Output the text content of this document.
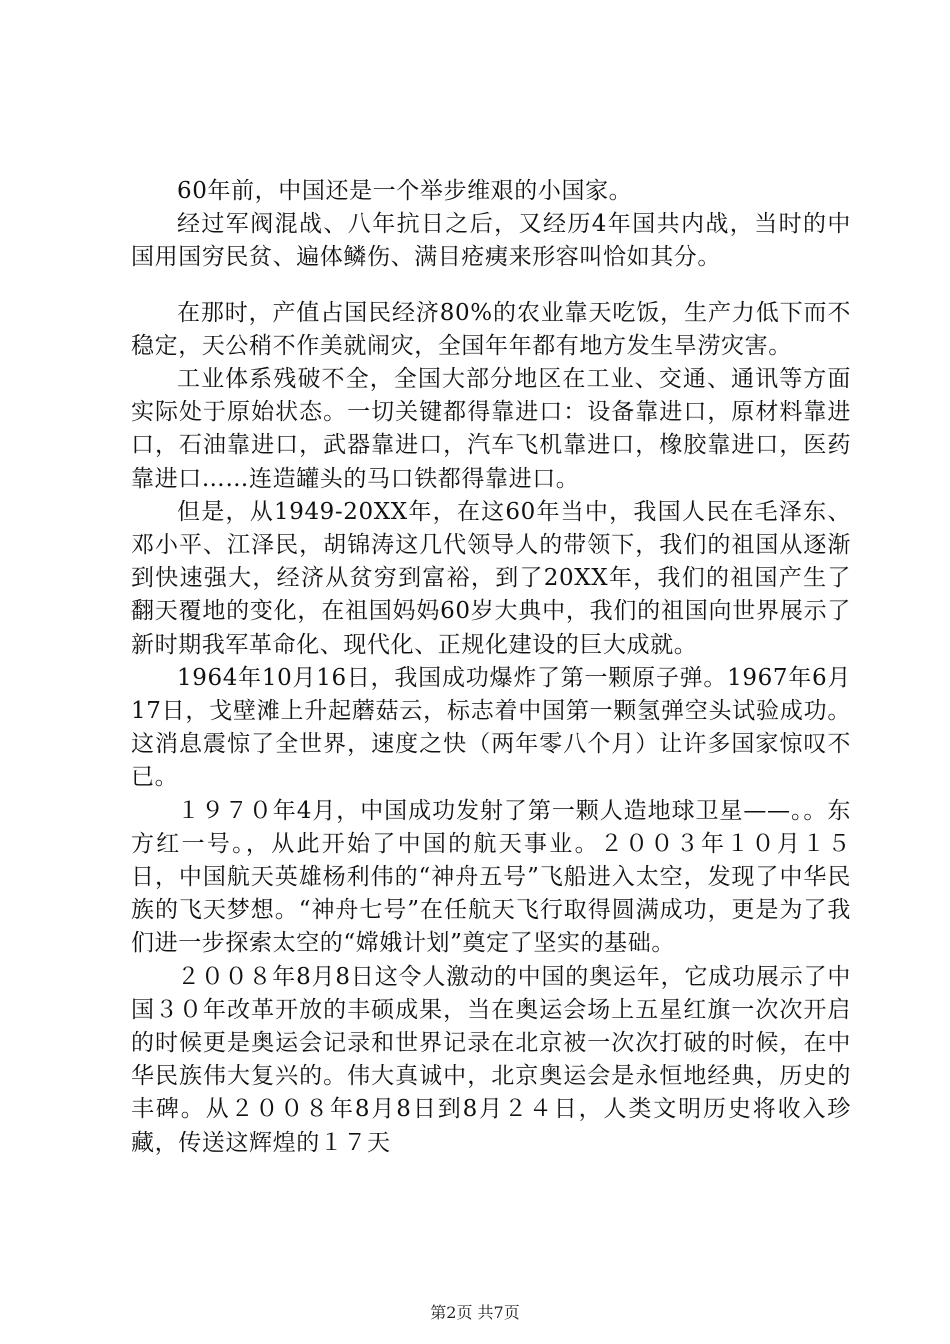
60年前，中国还是一个举步维艰的小国家。

经过军阀混战、八年抗日之后，又经历4年国共内战，当时的中国用国穷民贫、遍体鳞伤、满目疮痍来形容叫恰如其分。

在那时，产值占国民经济80%的农业靠天吃饭，生产力低下而不稳定，天公稍不作美就闹灾，全国年年都有地方发生旱涝灾害。

工业体系残破不全，全国大部分地区在工业、交通、通讯等方面实际处于原始状态。一切关键都得靠进口：设备靠进口，原材料靠进口，石油靠进口，武器靠进口，汽车飞机靠进口，橡胶靠进口，医药靠进口……连造罐头的马口铁都得靠进口。

但是，从1949-20XX年，在这60年当中，我国人民在毛泽东、邓小平、江泽民，胡锦涛这几代领导人的带领下，我们的祖国从逐渐到快速强大，经济从贫穷到富裕，到了20XX年，我们的祖国产生了翻天覆地的变化，在祖国妈妈60岁大典中，我们的祖国向世界展示了新时期我军革命化、现代化、正规化建设的巨大成就。

1964年10月16日，我国成功爆炸了第一颗原子弹。1967年6月17日，戈壁滩上升起蘑菇云，标志着中国第一颗氢弹空头试验成功。这消息震惊了全世界，速度之快（两年零八个月）让许多国家惊叹不已。

１９７０年4月，中国成功发射了第一颗人造地球卫星——。。东方红一号。，从此开始了中国的航天事业。２００３年１０月１５日，中国航天英雄杨利伟的“神舟五号”飞船进入太空，发现了中华民族的飞天梦想。“神舟七号”在任航天飞行取得圆满成功，更是为了我们进一步探索太空的“嫦娥计划”奠定了坚实的基础。

２００８年8月8日这令人激动的中国的奥运年，它成功展示了中国３０年改革开放的丰硕成果，当在奥运会场上五星红旗一次次开启的时候更是奥运会记录和世界记录在北京被一次次打破的时候，在中华民族伟大复兴的。伟大真诚中，北京奥运会是永恒地经典，历史的丰碑。从２００８年8月8日到8月２４日，人类文明历史将收入珍藏，传送这辉煌的１７天

第2页 共7页
